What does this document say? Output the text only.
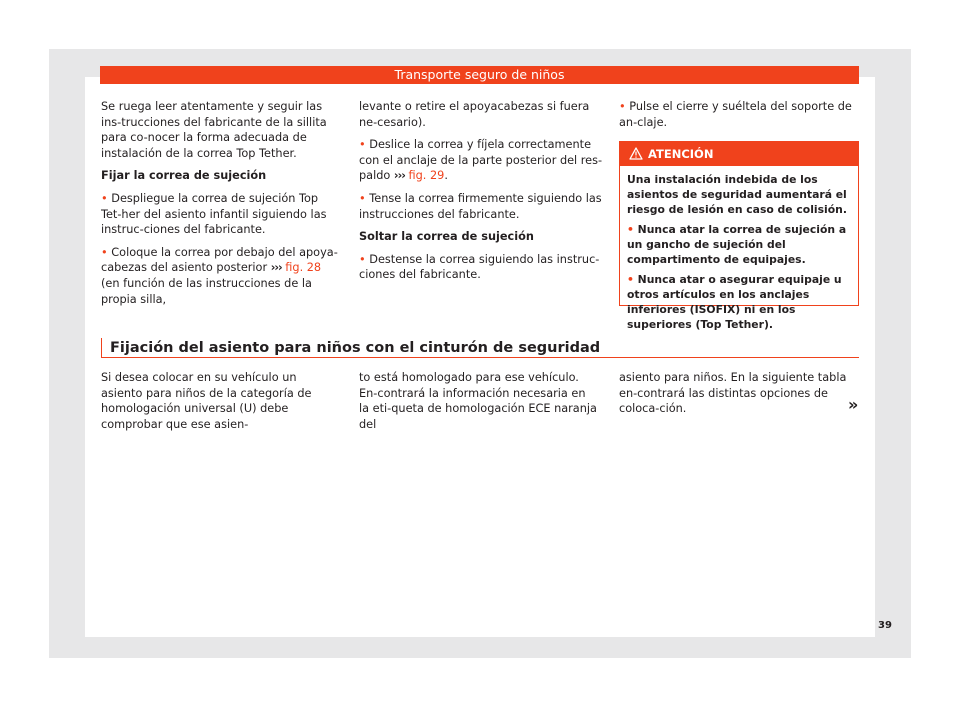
Transporte seguro de niños

Se ruega leer atentamente y seguir las ins-trucciones del fabricante de la sillita para co-nocer la forma adecuada de instalación de la correa Top Tether.

Fijar la correa de sujeción

• Despliegue la correa de sujeción Top Tet-her del asiento infantil siguiendo las instruc-ciones del fabricante.

• Coloque la correa por debajo del apoya-cabezas del asiento posterior ››› fig. 28 (en función de las instrucciones de la propia silla,

levante o retire el apoyacabezas si fuera ne-cesario).

• Deslice la correa y fíjela correctamente con el anclaje de la parte posterior del res-paldo ››› fig. 29.

• Tense la correa firmemente siguiendo las instrucciones del fabricante.

Soltar la correa de sujeción

• Destense la correa siguiendo las instruc-ciones del fabricante.

• Pulse el cierre y suéltela del soporte de an-claje.

ATENCIÓN

Una instalación indebida de los asientos de seguridad aumentará el riesgo de lesión en caso de colisión.

• Nunca atar la correa de sujeción a un gancho de sujeción del compartimento de equipajes.

• Nunca atar o asegurar equipaje u otros artículos en los anclajes inferiores (ISOFIX) ni en los superiores (Top Tether).

Fijación del asiento para niños con el cinturón de seguridad
Si desea colocar en su vehículo un asiento para niños de la categoría de homologación universal (U) debe comprobar que ese asien-
to está homologado para ese vehículo. En-contrará la información necesaria en la eti-queta de homologación ECE naranja del
asiento para niños. En la siguiente tabla en-contrará las distintas opciones de coloca-ción.	»
39
